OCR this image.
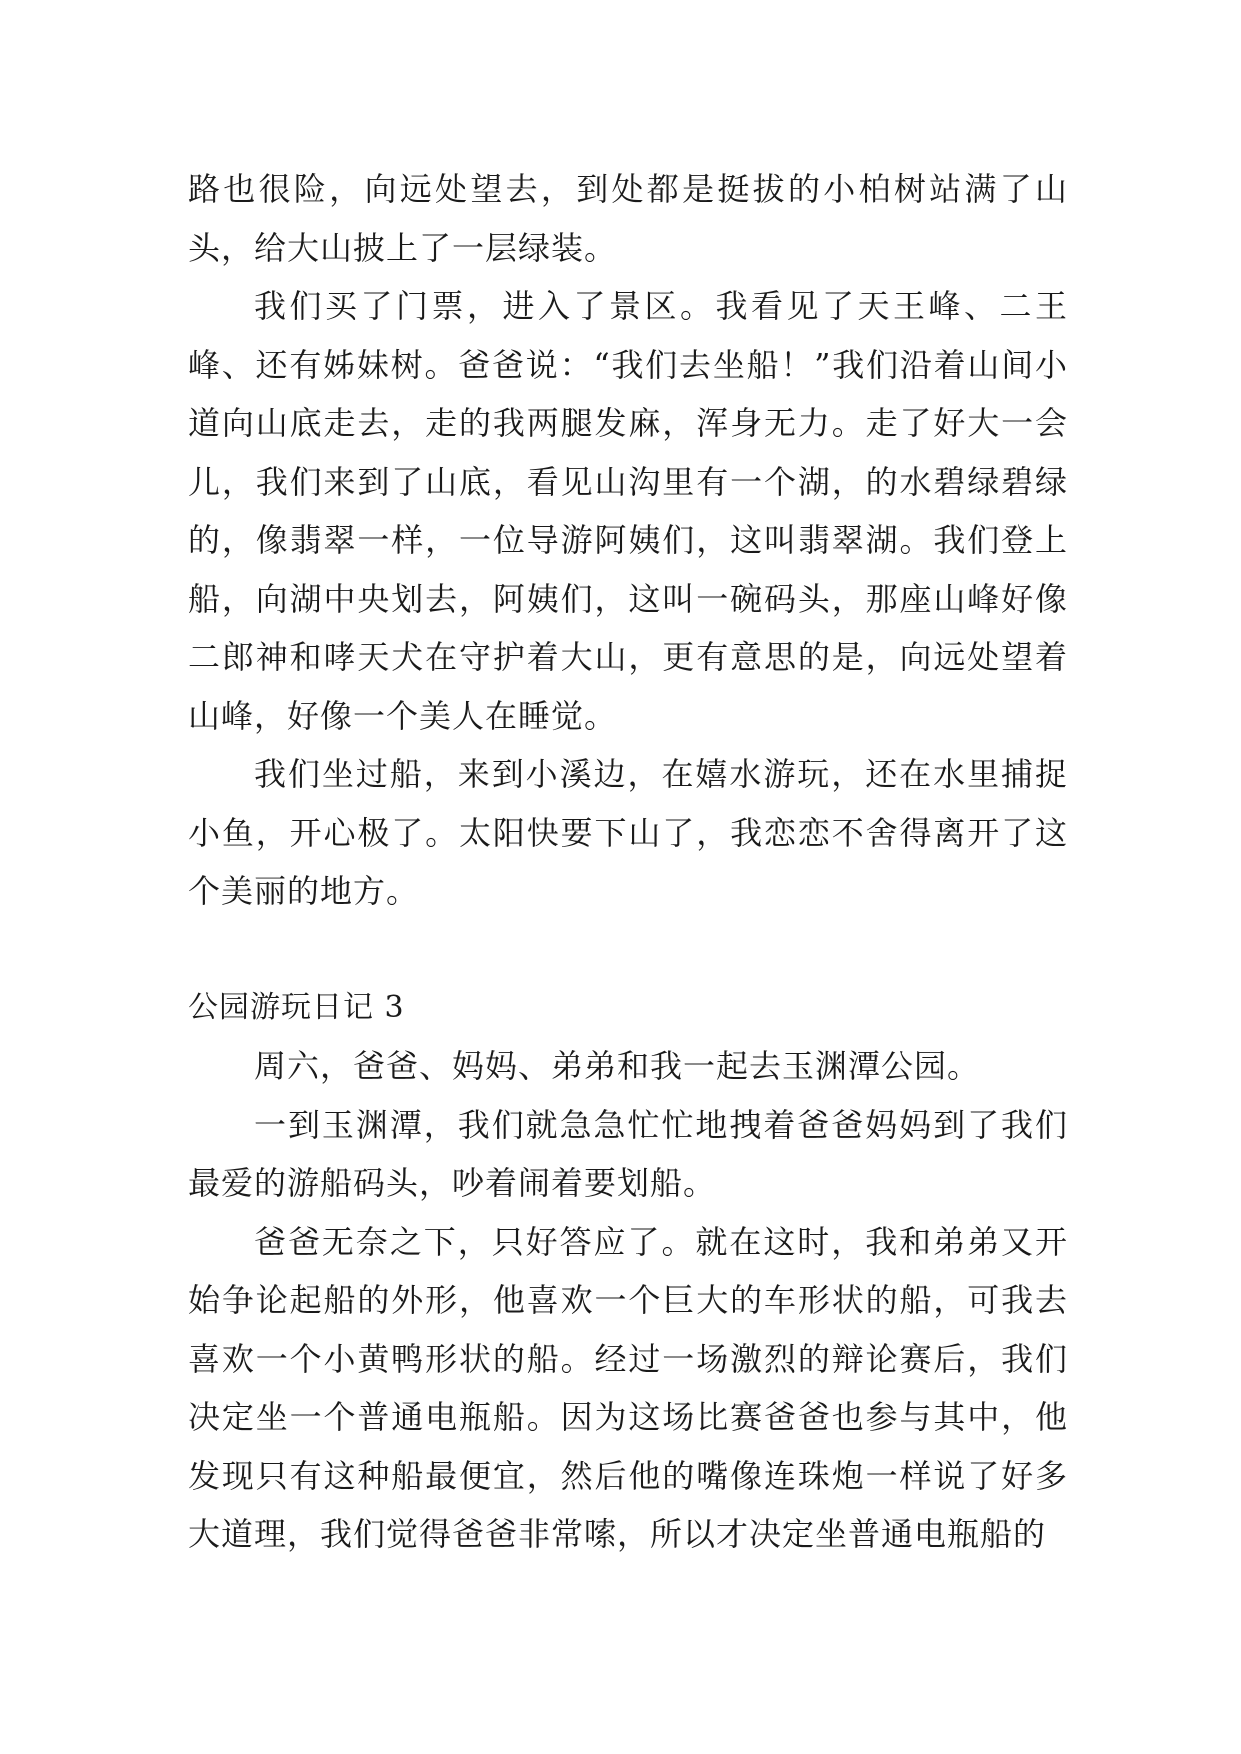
路也很险，向远处望去，到处都是挺拔的小柏树站满了山头，给大山披上了一层绿装。

我们买了门票，进入了景区。我看见了天王峰、二王峰、还有姊妹树。爸爸说：“我们去坐船！”我们沿着山间小道向山底走去，走的我两腿发麻，浑身无力。走了好大一会儿，我们来到了山底，看见山沟里有一个湖，的水碧绿碧绿的，像翡翠一样，一位导游阿姨们，这叫翡翠湖。我们登上船，向湖中央划去，阿姨们，这叫一碗码头，那座山峰好像二郎神和哮天犬在守护着大山，更有意思的是，向远处望着山峰，好像一个美人在睡觉。

我们坐过船，来到小溪边，在嬉水游玩，还在水里捕捉小鱼，开心极了。太阳快要下山了，我恋恋不舍得离开了这个美丽的地方。

公园游玩日记 3

周六，爸爸、妈妈、弟弟和我一起去玉渊潭公园。

一到玉渊潭，我们就急急忙忙地拽着爸爸妈妈到了我们最爱的游船码头，吵着闹着要划船。

爸爸无奈之下，只好答应了。就在这时，我和弟弟又开始争论起船的外形，他喜欢一个巨大的车形状的船，可我去喜欢一个小黄鸭形状的船。经过一场激烈的辩论赛后，我们决定坐一个普通电瓶船。因为这场比赛爸爸也参与其中，他发现只有这种船最便宜，然后他的嘴像连珠炮一样说了好多大道理，我们觉得爸爸非常嗦，所以才决定坐普通电瓶船的
